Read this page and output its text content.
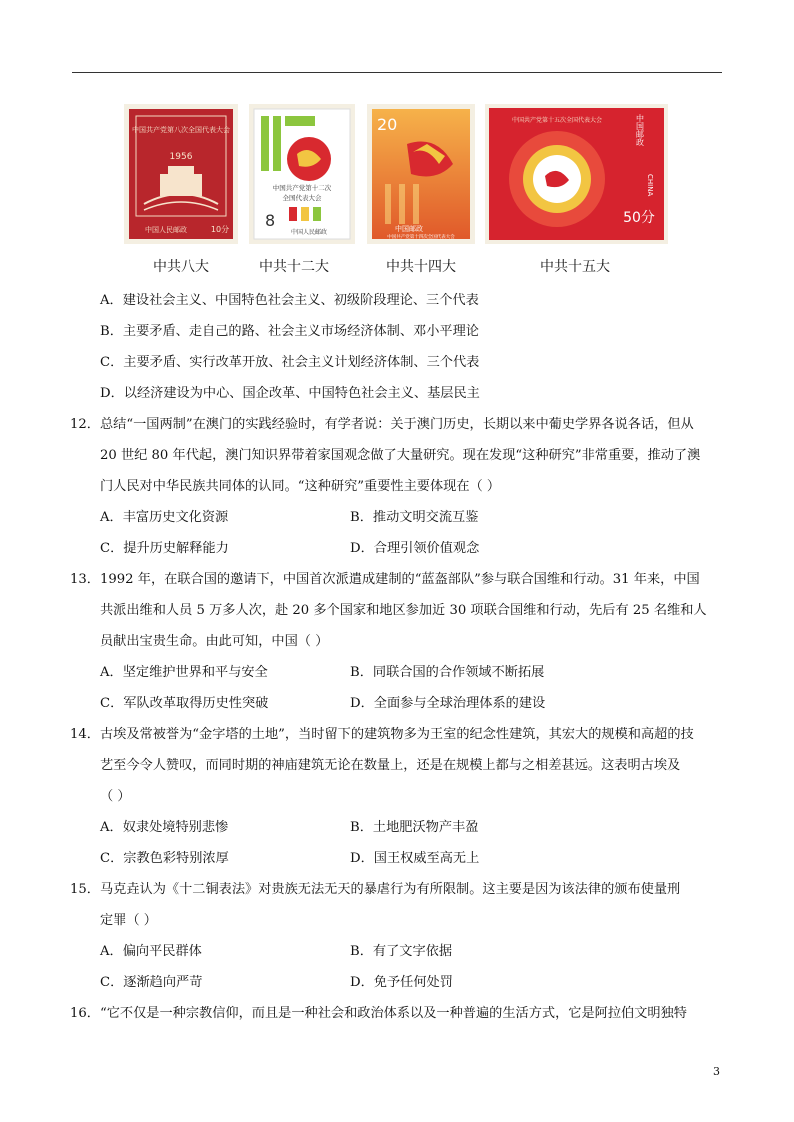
中国共产党第八次全国代表大会
1956
中国人民邮政	10分
中共八大
中国共产党第十二次
全国代表大会
8
中国人民邮政
中共十二大
20
中国邮政
中国共产党第十四次全国代表大会
中共十四大
中国共产党第十五次全国代表大会	中国邮政
CHINA
50分
中共十五大
A．建设社会主义、中国特色社会主义、初级阶段理论、三个代表
B．主要矛盾、走自己的路、社会主义市场经济体制、邓小平理论
C．主要矛盾、实行改革开放、社会主义计划经济体制、三个代表
D．以经济建设为中心、国企改革、中国特色社会主义、基层民主
12． 总结“一国两制”在澳门的实践经验时，有学者说：关于澳门历史，长期以来中葡史学界各说各话，但从
20 世纪 80 年代起，澳门知识界带着家国观念做了大量研究。现在发现“这种研究”非常重要，推动了澳
门人民对中华民族共同体的认同。“这种研究”重要性主要体现在（ ）
A．丰富历史文化资源	B．推动文明交流互鉴
C．提升历史解释能力	D．合理引领价值观念
13． 1992 年，在联合国的邀请下，中国首次派遣成建制的“蓝盔部队”参与联合国维和行动。31 年来，中国
共派出维和人员 5 万多人次，赴 20 多个国家和地区参加近 30 项联合国维和行动，先后有 25 名维和人
员献出宝贵生命。由此可知，中国（ ）
A．坚定维护世界和平与安全	B．同联合国的合作领域不断拓展
C．军队改革取得历史性突破	D．全面参与全球治理体系的建设
14． 古埃及常被誉为“金字塔的土地”，当时留下的建筑物多为王室的纪念性建筑，其宏大的规模和高超的技
艺至今令人赞叹，而同时期的神庙建筑无论在数量上，还是在规模上都与之相差甚远。这表明古埃及
（ ）
A．奴隶处境特别悲惨	B．土地肥沃物产丰盈
C．宗教色彩特别浓厚	D．国王权威至高无上
15． 马克垚认为《十二铜表法》对贵族无法无天的暴虐行为有所限制。这主要是因为该法律的颁布使量刑
定罪（ ）
A．偏向平民群体	B．有了文字依据
C．逐渐趋向严苛	D．免予任何处罚
16． “它不仅是一种宗教信仰，而且是一种社会和政治体系以及一种普遍的生活方式，它是阿拉伯文明独特
3
